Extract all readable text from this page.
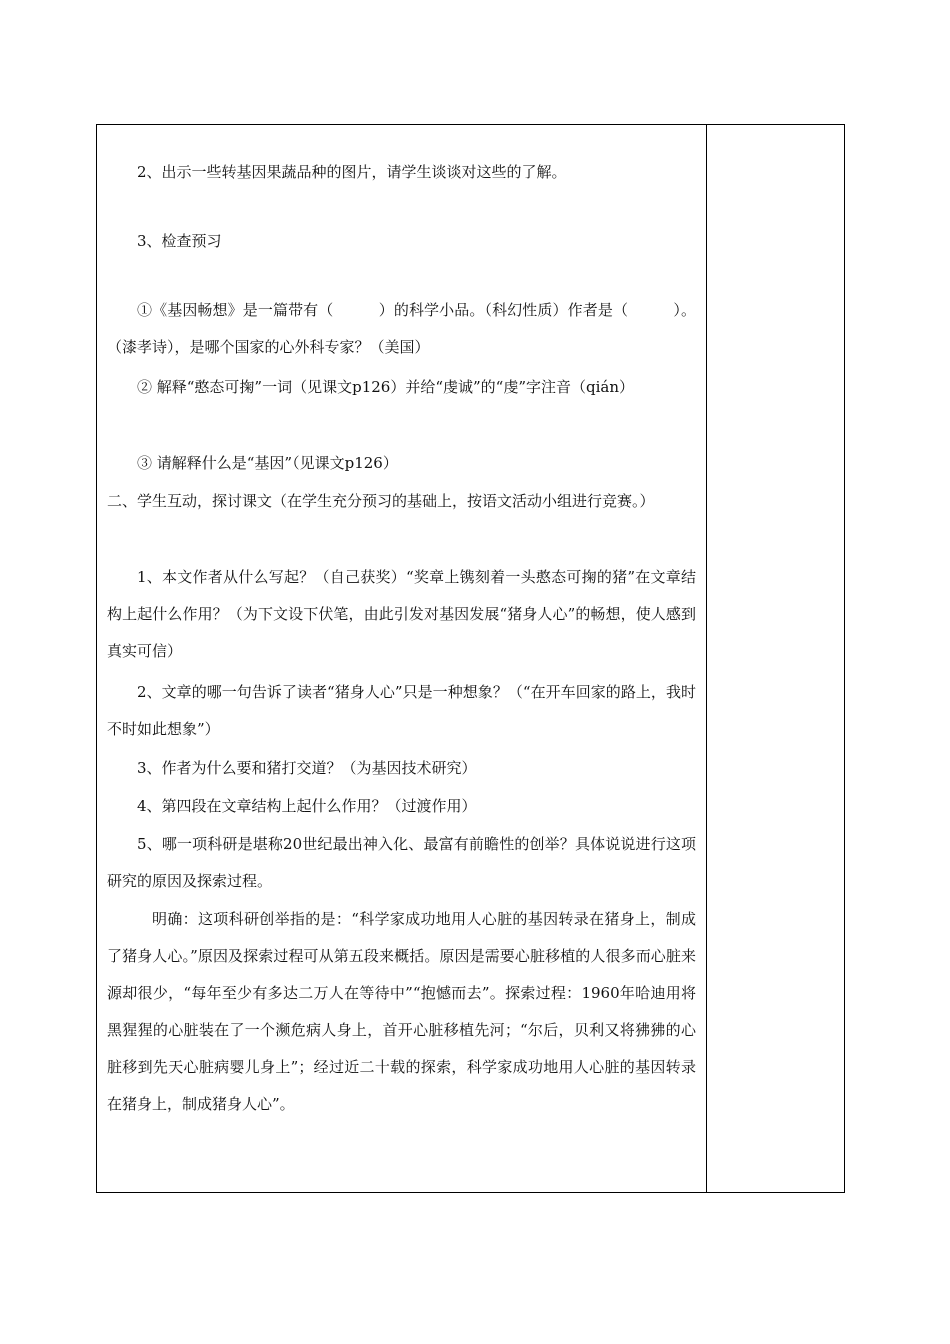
2、出示一些转基因果蔬品种的图片，请学生谈谈对这些的了解。

3、检查预习

①《基因畅想》是一篇带有（　　　）的科学小品。（科幻性质）作者是（　　　）。（漆孝诗），是哪个国家的心外科专家？（美国）

② 解释“憨态可掬”一词（见课文p126）并给“虔诚”的“虔”字注音（qián）

③ 请解释什么是“基因”（见课文p126）

二、学生互动，探讨课文（在学生充分预习的基础上，按语文活动小组进行竞赛。）

1、本文作者从什么写起？（自己获奖）“奖章上镌刻着一头憨态可掬的猪”在文章结构上起什么作用？（为下文设下伏笔，由此引发对基因发展“猪身人心”的畅想，使人感到真实可信）

2、文章的哪一句告诉了读者“猪身人心”只是一种想象？（“在开车回家的路上，我时不时如此想象”）

3、作者为什么要和猪打交道？（为基因技术研究）

4、第四段在文章结构上起什么作用？（过渡作用）

5、哪一项科研是堪称20世纪最出神入化、最富有前瞻性的创举？具体说说进行这项研究的原因及探索过程。

明确：这项科研创举指的是：“科学家成功地用人心脏的基因转录在猪身上，制成了猪身人心。”原因及探索过程可从第五段来概括。原因是需要心脏移植的人很多而心脏来源却很少，“每年至少有多达二万人在等待中”“抱憾而去”。探索过程：1960年哈迪用将黑猩猩的心脏装在了一个濒危病人身上，首开心脏移植先河；“尔后，贝利又将狒狒的心脏移到先天心脏病婴儿身上”；经过近二十载的探索，科学家成功地用人心脏的基因转录在猪身上，制成猪身人心”。
